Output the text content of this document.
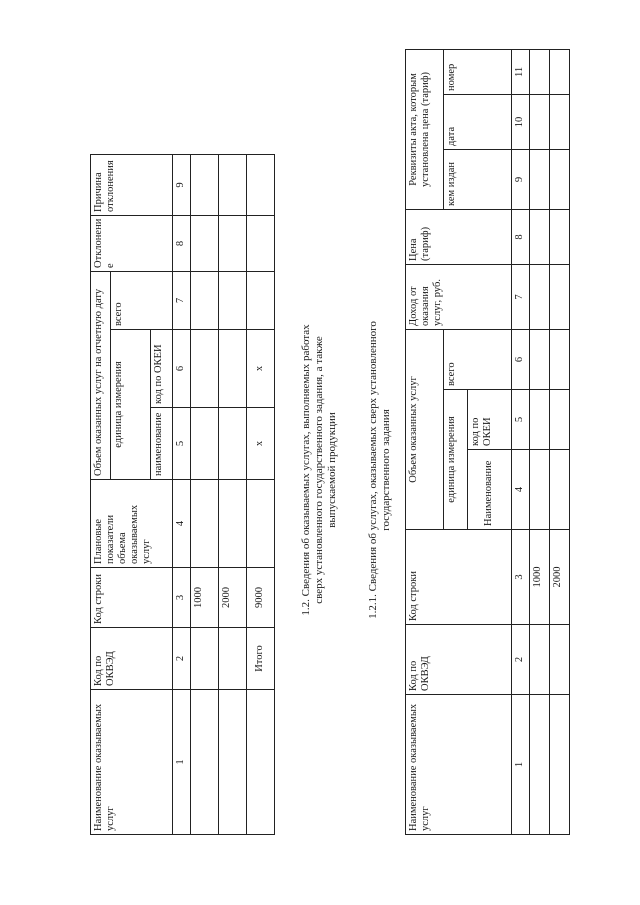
Наименование оказываемых услуг	Код по ОКВЭД	Код строки	Плановые показатели объема оказываемых услуг	Объем оказанных услуг на отчетную дату			Отклонени е	Причина отклонения
				единица измерения		всего		
				наименование	код по ОКЕИ			
1	2	3	4	5	6	7	8	9
		1000						
		2000						
	Итого	9000		x	x				1.2. Сведения об оказываемых услугах, выполняемых работах сверх установленного государственного задания, а также выпускаемой продукции	1.2.1. Сведения об услугах, оказываемых сверх установленного государственного задания
Наименование оказываемых услуг	Код по ОКВЭД	Код строки	Объем оказанных услуг			Доход от оказания услуг, руб.	Цена (тариф)	Реквизиты акта, которым установлена цена (тариф)		
			единица измерения		всего			кем издан	дата	номер
			Наименование	код по ОКЕИ						
1	2	3	4	5	6	7	8	9	10	11
		1000								
		2000								
